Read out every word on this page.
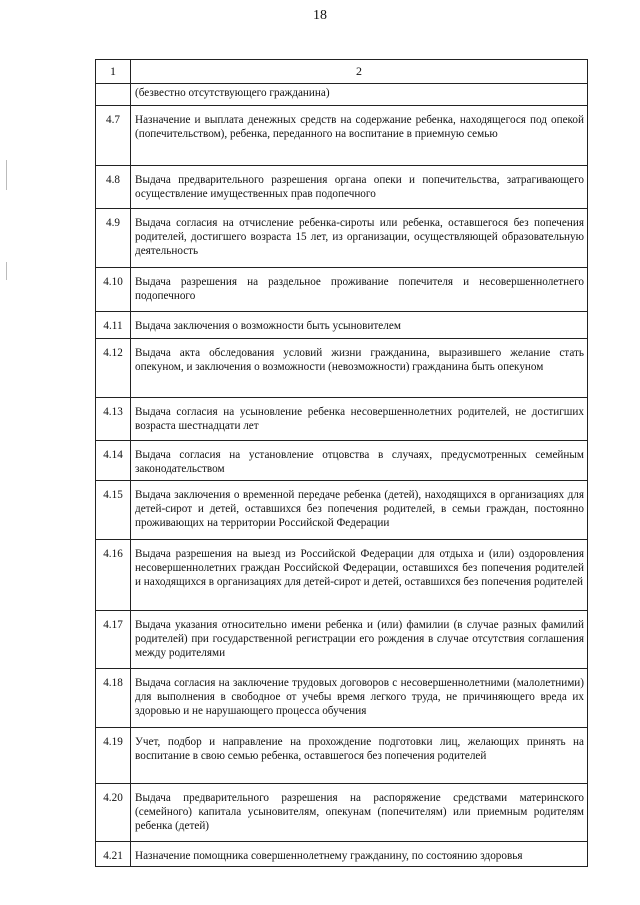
18
1	2
	(безвестно отсутствующего гражданина)
4.7	Назначение и выплата денежных средств на содержание ребенка, находящегося под опекой (попечительством), ребенка, переданного на воспитание в приемную семью
4.8	Выдача предварительного разрешения органа опеки и попечительства, затрагивающего осуществление имущественных прав подопечного
4.9	Выдача согласия на отчисление ребенка-сироты или ребенка, оставшегося без попечения родителей, достигшего возраста 15 лет, из организации, осуществляющей образовательную деятельность
4.10	Выдача разрешения на раздельное проживание попечителя и несовершеннолетнего подопечного
4.11	Выдача заключения о возможности быть усыновителем
4.12	Выдача акта обследования условий жизни гражданина, выразившего желание стать опекуном, и заключения о возможности (невозможности) гражданина быть опекуном
4.13	Выдача согласия на усыновление ребенка несовершеннолетних родителей, не достигших возраста шестнадцати лет
4.14	Выдача согласия на установление отцовства в случаях, предусмотренных семейным законодательством
4.15	Выдача заключения о временной передаче ребенка (детей), находящихся в организациях для детей-сирот и детей, оставшихся без попечения родителей, в семьи граждан, постоянно проживающих на территории Российской Федерации
4.16	Выдача разрешения на выезд из Российской Федерации для отдыха и (или) оздоровления несовершеннолетних граждан Российской Федерации, оставшихся без попечения родителей и находящихся в организациях для детей-сирот и детей, оставшихся без попечения родителей
4.17	Выдача указания относительно имени ребенка и (или) фамилии (в случае разных фамилий родителей) при государственной регистрации его рождения в случае отсутствия соглашения между родителями
4.18	Выдача согласия на заключение трудовых договоров с несовершеннолетними (малолетними) для выполнения в свободное от учебы время легкого труда, не причиняющего вреда их здоровью и не нарушающего процесса обучения
4.19	Учет, подбор и направление на прохождение подготовки лиц, желающих принять на воспитание в свою семью ребенка, оставшегося без попечения родителей
4.20	Выдача предварительного разрешения на распоряжение средствами материнского (семейного) капитала усыновителям, опекунам (попечителям) или приемным родителям ребенка (детей)
4.21	Назначение помощника совершеннолетнему гражданину, по состоянию здоровья
